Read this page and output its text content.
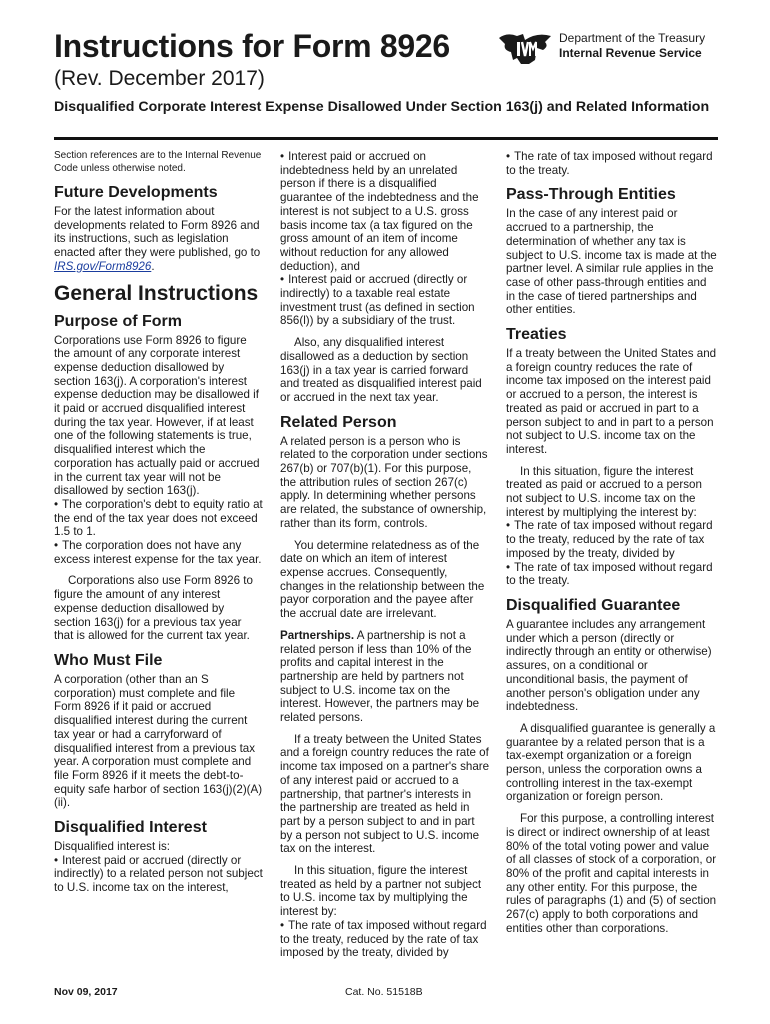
Instructions for Form 8926

(Rev. December 2017)

Disqualified Corporate Interest Expense Disallowed Under Section 163(j) and Related Information

Department of the Treasury
Internal Revenue Service

Section references are to the Internal Revenue Code unless otherwise noted.

Future Developments

For the latest information about developments related to Form 8926 and its instructions, such as legislation enacted after they were published, go to IRS.gov/Form8926.

General Instructions
Purpose of Form

Corporations use Form 8926 to figure the amount of any corporate interest expense deduction disallowed by section 163(j). A corporation's interest expense deduction may be disallowed if it paid or accrued disqualified interest during the tax year. However, if at least one of the following statements is true, disqualified interest which the corporation has actually paid or accrued in the current tax year will not be disallowed by section 163(j).
• The corporation's debt to equity ratio at the end of the tax year does not exceed 1.5 to 1.
• The corporation does not have any excess interest expense for the tax year.

Corporations also use Form 8926 to figure the amount of any interest expense deduction disallowed by section 163(j) for a previous tax year that is allowed for the current tax year.

Who Must File

A corporation (other than an S corporation) must complete and file Form 8926 if it paid or accrued disqualified interest during the current tax year or had a carryforward of disqualified interest from a previous tax year. A corporation must complete and file Form 8926 if it meets the debt-to-equity safe harbor of section 163(j)(2)(A)(ii).

Disqualified Interest

Disqualified interest is:
• Interest paid or accrued (directly or indirectly) to a related person not subject to U.S. income tax on the interest,

• Interest paid or accrued on indebtedness held by an unrelated person if there is a disqualified guarantee of the indebtedness and the interest is not subject to a U.S. gross basis income tax (a tax figured on the gross amount of an item of income without reduction for any allowed deduction), and
• Interest paid or accrued (directly or indirectly) to a taxable real estate investment trust (as defined in section 856(l)) by a subsidiary of the trust.

Also, any disqualified interest disallowed as a deduction by section 163(j) in a tax year is carried forward and treated as disqualified interest paid or accrued in the next tax year.

Related Person

A related person is a person who is related to the corporation under sections 267(b) or 707(b)(1). For this purpose, the attribution rules of section 267(c) apply. In determining whether persons are related, the substance of ownership, rather than its form, controls.

You determine relatedness as of the date on which an item of interest expense accrues. Consequently, changes in the relationship between the payor corporation and the payee after the accrual date are irrelevant.

Partnerships. A partnership is not a related person if less than 10% of the profits and capital interest in the partnership are held by partners not subject to U.S. income tax on the interest. However, the partners may be related persons.

If a treaty between the United States and a foreign country reduces the rate of income tax imposed on a partner's share of any interest paid or accrued to a partnership, that partner's interests in the partnership are treated as held in part by a person subject to and in part by a person not subject to U.S. income tax on the interest.

In this situation, figure the interest treated as held by a partner not subject to U.S. income tax by multiplying the interest by:
• The rate of tax imposed without regard to the treaty, reduced by the rate of tax imposed by the treaty, divided by

• The rate of tax imposed without regard to the treaty.

Pass-Through Entities

In the case of any interest paid or accrued to a partnership, the determination of whether any tax is subject to U.S. income tax is made at the partner level. A similar rule applies in the case of other pass-through entities and in the case of tiered partnerships and other entities.

Treaties

If a treaty between the United States and a foreign country reduces the rate of income tax imposed on the interest paid or accrued to a person, the interest is treated as paid or accrued in part to a person subject to and in part to a person not subject to U.S. income tax on the interest.

In this situation, figure the interest treated as paid or accrued to a person not subject to U.S. income tax on the interest by multiplying the interest by:
• The rate of tax imposed without regard to the treaty, reduced by the rate of tax imposed by the treaty, divided by
• The rate of tax imposed without regard to the treaty.

Disqualified Guarantee

A guarantee includes any arrangement under which a person (directly or indirectly through an entity or otherwise) assures, on a conditional or unconditional basis, the payment of another person's obligation under any indebtedness.

A disqualified guarantee is generally a guarantee by a related person that is a tax-exempt organization or a foreign person, unless the corporation owns a controlling interest in the tax-exempt organization or foreign person.

For this purpose, a controlling interest is direct or indirect ownership of at least 80% of the total voting power and value of all classes of stock of a corporation, or 80% of the profit and capital interests in any other entity. For this purpose, the rules of paragraphs (1) and (5) of section 267(c) apply to both corporations and entities other than corporations.

Nov 09, 2017	Cat. No. 51518B
